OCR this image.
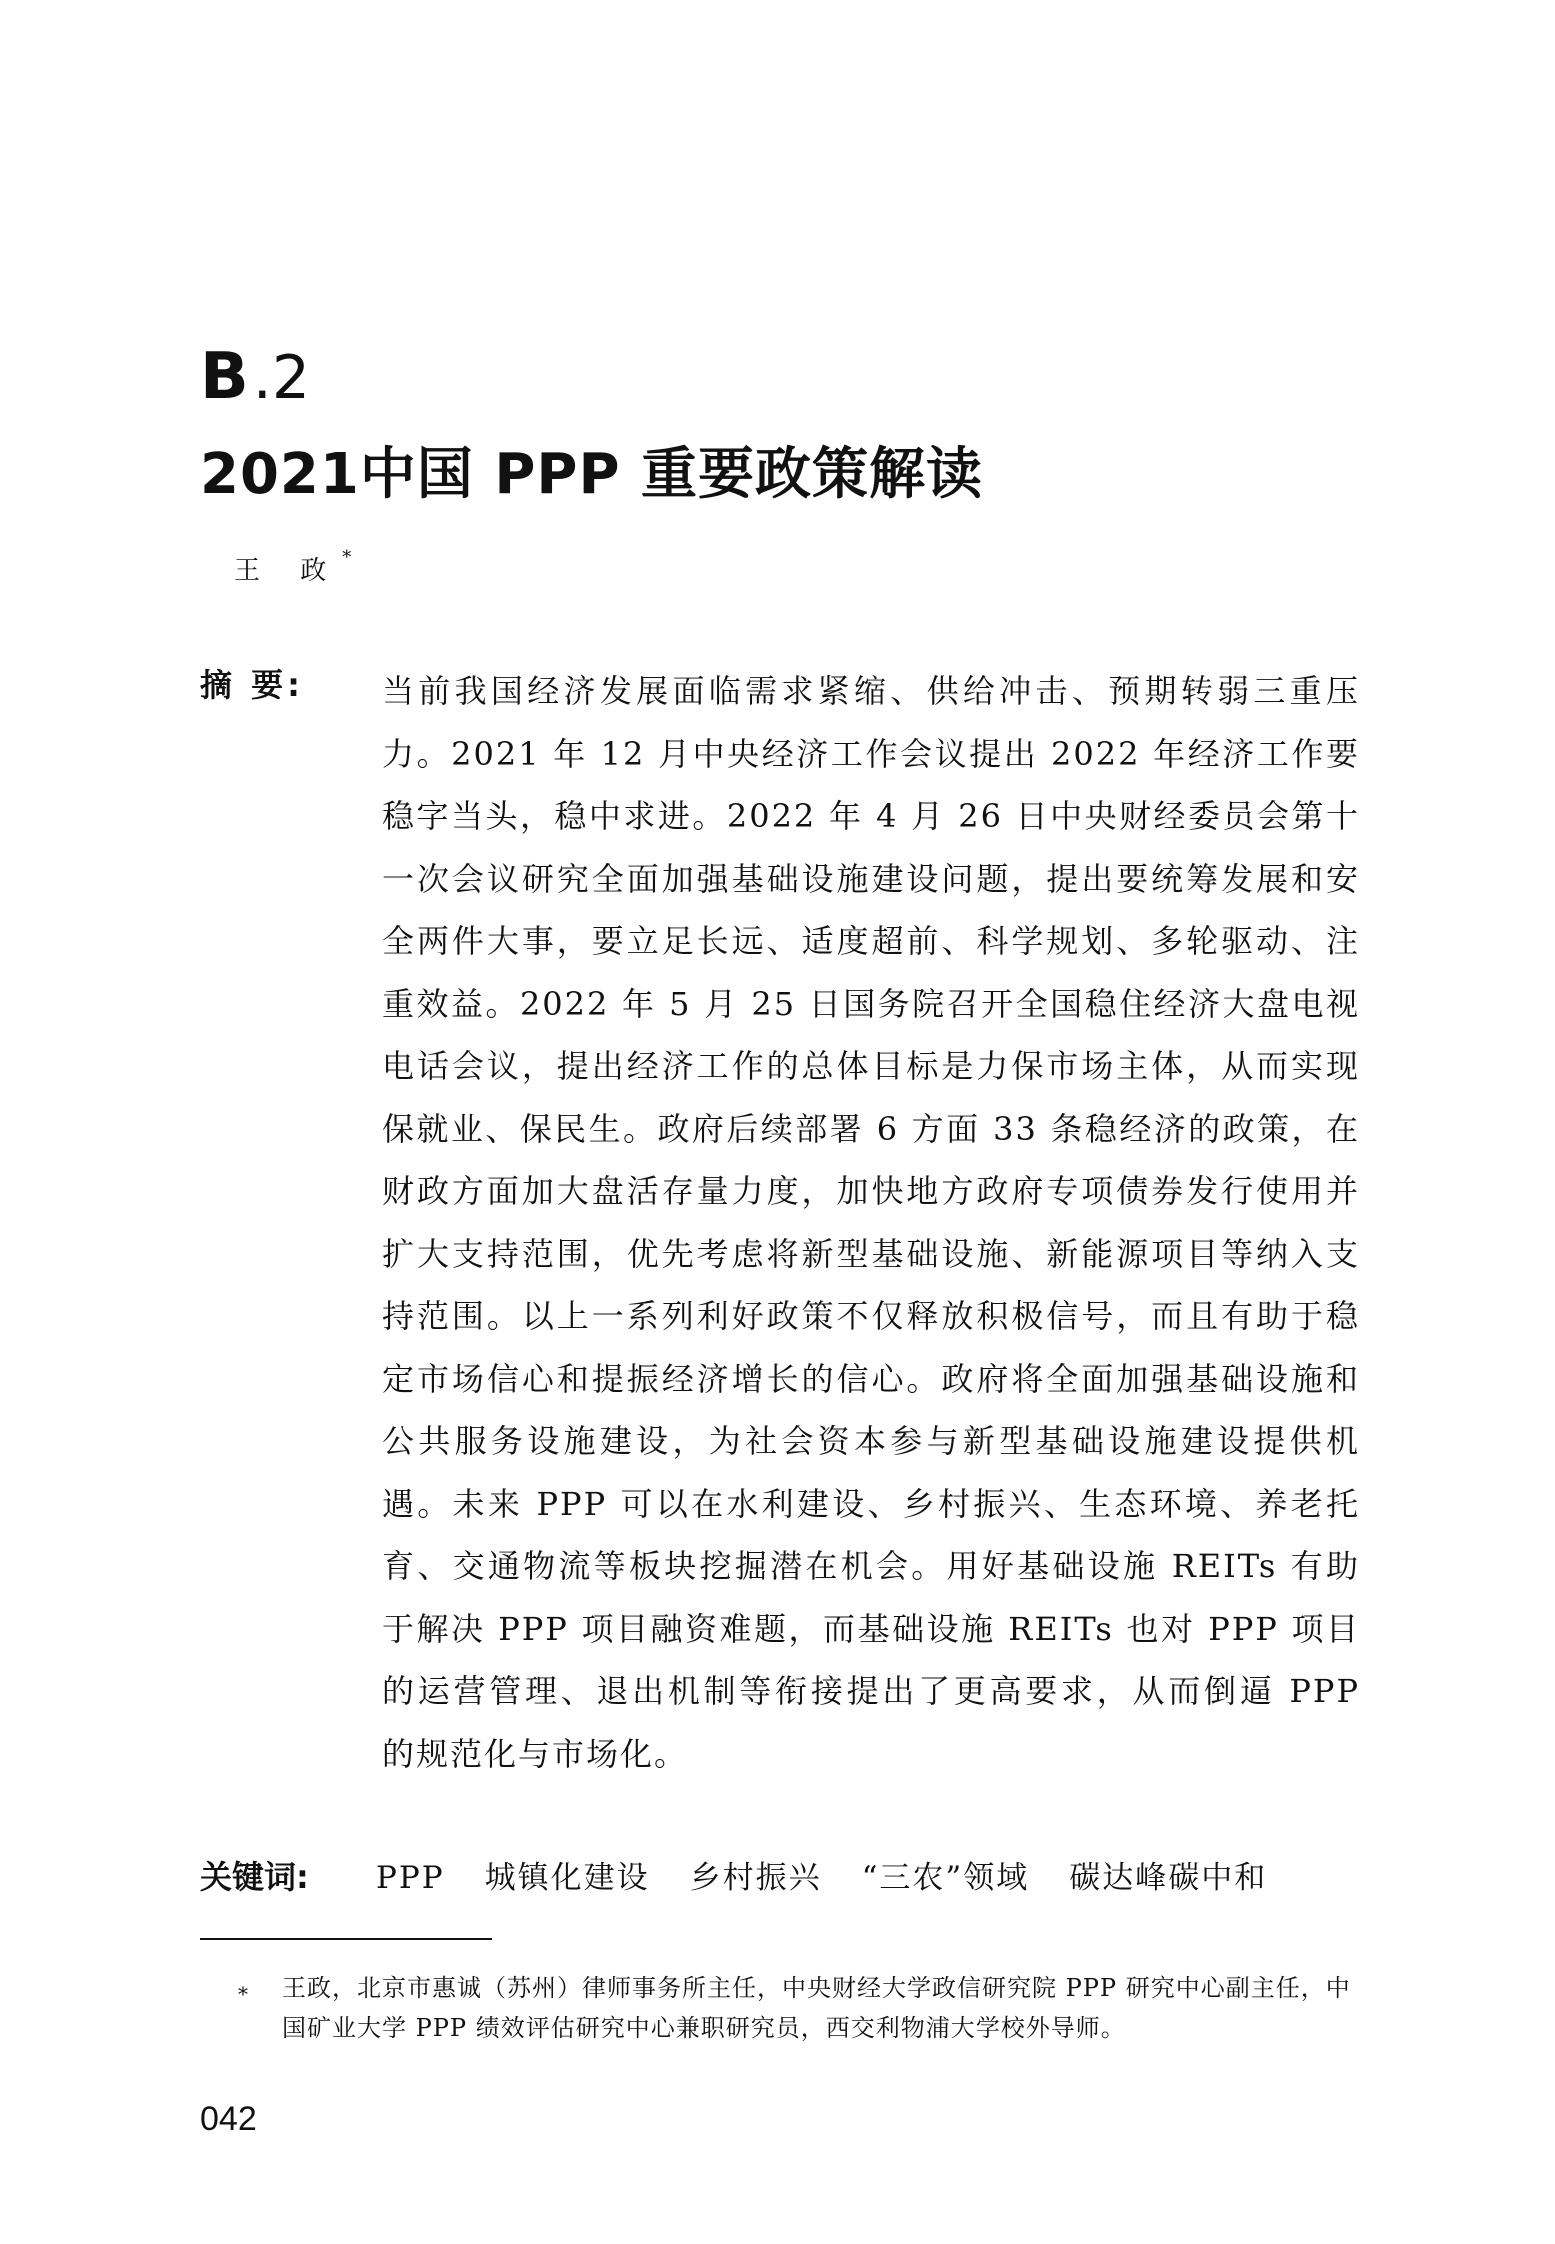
B .2
2021中国 PPP 重要政策解读
王 政*
摘 要: 当前我国经济发展面临需求紧缩、供给冲击、预期转弱三重压力。2021 年 12 月中央经济工作会议提出 2022 年经济工作要稳字当头，稳中求进。2022 年 4 月 26 日中央财经委员会第十一次会议研究全面加强基础设施建设问题，提出要统筹发展和安全两件大事，要立足长远、适度超前、科学规划、多轮驱动、注重效益。2022 年 5 月 25 日国务院召开全国稳住经济大盘电视电话会议，提出经济工作的总体目标是力保市场主体，从而实现保就业、保民生。政府后续部署 6 方面 33 条稳经济的政策，在财政方面加大盘活存量力度，加快地方政府专项债券发行使用并扩大支持范围，优先考虑将新型基础设施、新能源项目等纳入支持范围。以上一系列利好政策不仅释放积极信号，而且有助于稳定市场信心和提振经济增长的信心。政府将全面加强基础设施和公共服务设施建设，为社会资本参与新型基础设施建设提供机遇。未来 PPP 可以在水利建设、乡村振兴、生态环境、养老托育、交通物流等板块挖掘潜在机会。用好基础设施 REITs 有助于解决 PPP 项目融资难题，而基础设施 REITs 也对 PPP 项目的运营管理、退出机制等衔接提出了更高要求，从而倒逼 PPP 的规范化与市场化。
关键词:	PPP 城镇化建设 乡村振兴 “三农”领域 碳达峰碳中和
* 王政，北京市惠诚（苏州）律师事务所主任，中央财经大学政信研究院 PPP 研究中心副主任，中国矿业大学 PPP 绩效评估研究中心兼职研究员，西交利物浦大学校外导师。
042
